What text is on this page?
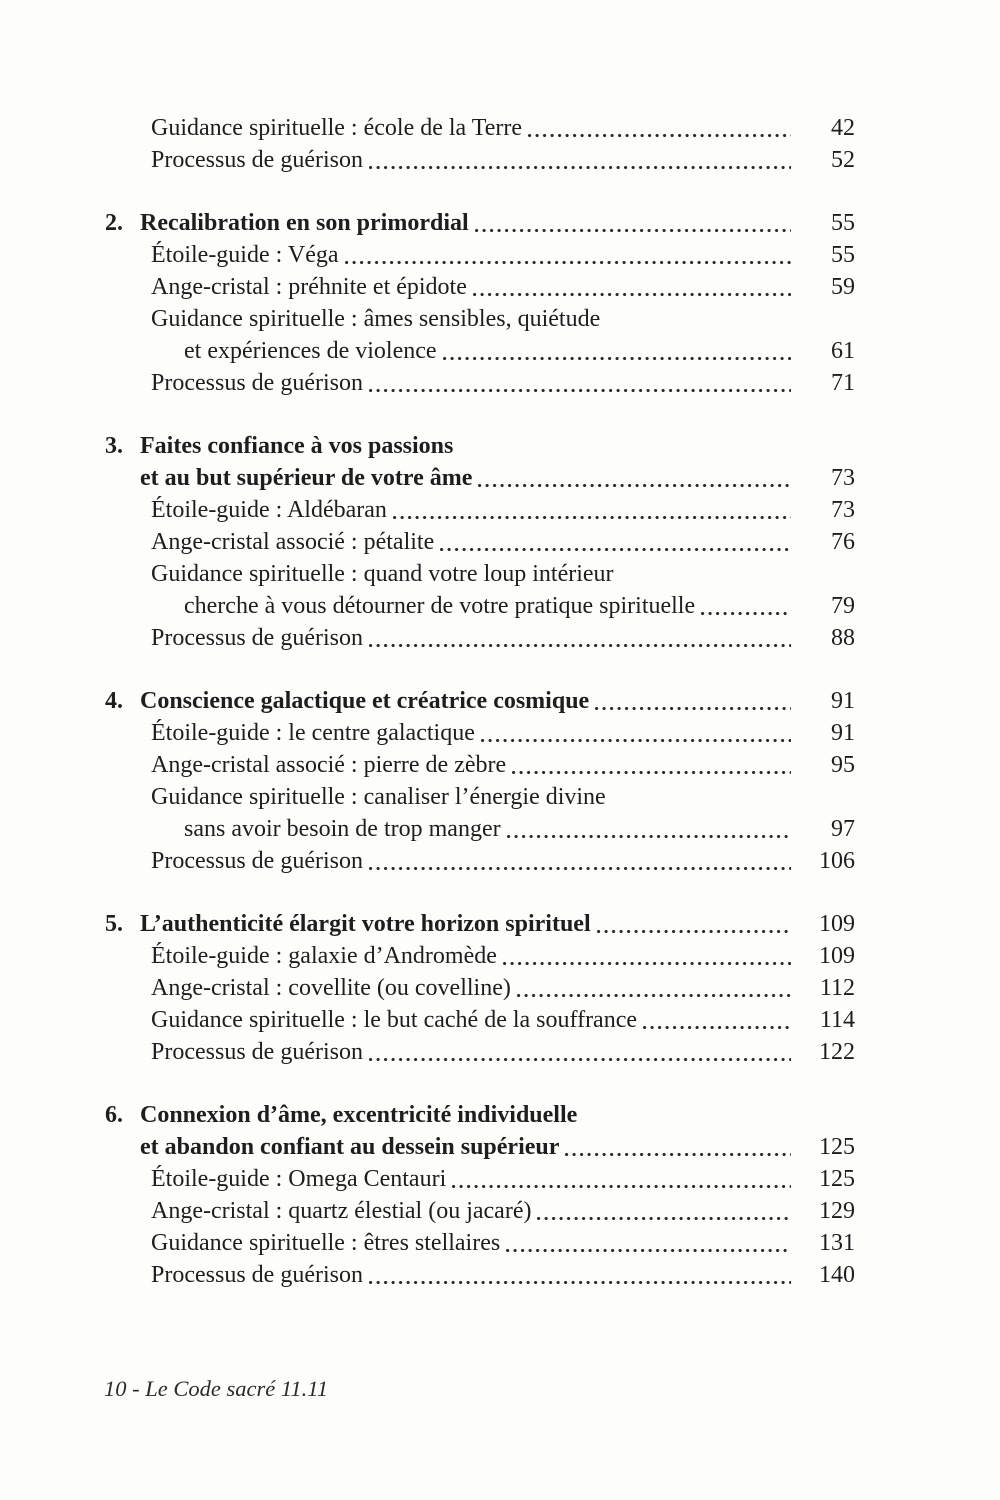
Guidance spirituelle : école de la Terre	42
Processus de guérison	52
2. Recalibration en son primordial	55
Étoile-guide : Véga	55
Ange-cristal : préhnite et épidote	59
Guidance spirituelle : âmes sensibles, quiétude
et expériences de violence	61
Processus de guérison	71
3. Faites confiance à vos passions
et au but supérieur de votre âme	73
Étoile-guide : Aldébaran	73
Ange-cristal associé : pétalite	76
Guidance spirituelle : quand votre loup intérieur
cherche à vous détourner de votre pratique spirituelle	79
Processus de guérison	88
4. Conscience galactique et créatrice cosmique	91
Étoile-guide : le centre galactique	91
Ange-cristal associé : pierre de zèbre	95
Guidance spirituelle : canaliser l’énergie divine
sans avoir besoin de trop manger	97
Processus de guérison	106
5. L’authenticité élargit votre horizon spirituel	109
Étoile-guide : galaxie d’Andromède	109
Ange-cristal : covellite (ou covelline)	112
Guidance spirituelle : le but caché de la souffrance	114
Processus de guérison	122
6. Connexion d’âme, excentricité individuelle
et abandon confiant au dessein supérieur	125
Étoile-guide : Omega Centauri	125
Ange-cristal : quartz élestial (ou jacaré)	129
Guidance spirituelle : êtres stellaires	131
Processus de guérison	140
10 - Le Code sacré 11.11
